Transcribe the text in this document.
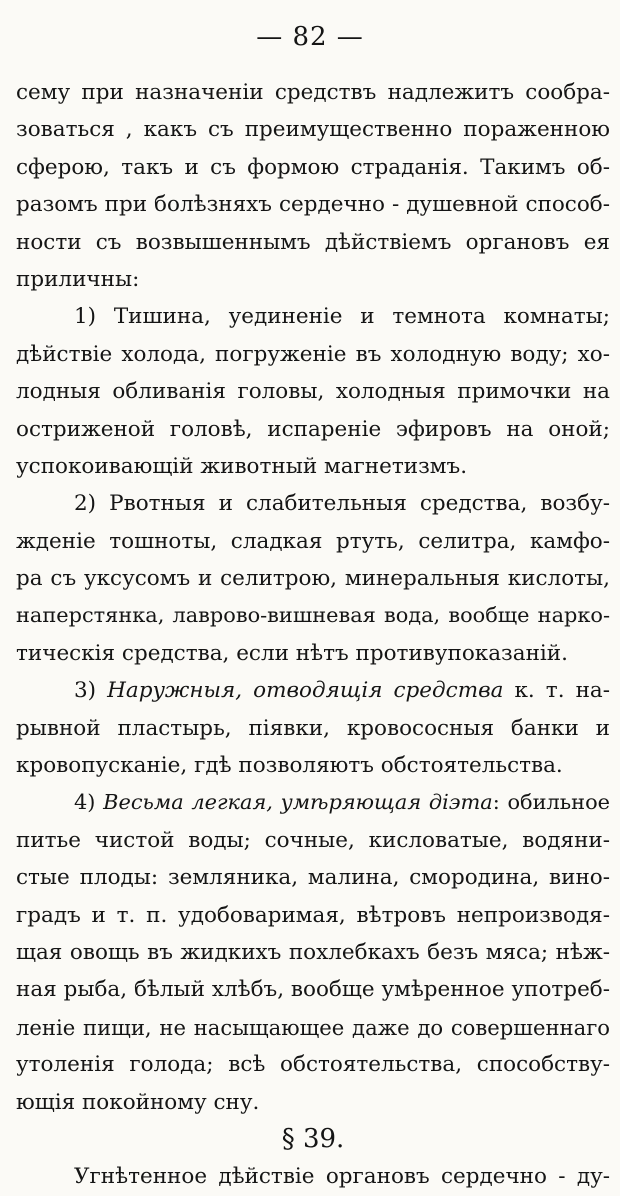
— 82 —
сему при назначеніи средствъ надлежитъ сообра-
зоваться , какъ съ преимущественно пораженною
сферою, такъ и съ формою страданія. Такимъ об-
разомъ при болѣзняхъ сердечно - душевной способ-
ности съ возвышеннымъ дѣйствіемъ органовъ ея
приличны:
1) Тишина, уединеніе и темнота комнаты;
дѣйствіе холода, погруженіе въ холодную воду; хо-
лодныя обливанія головы, холодныя примочки на
остриженой головѣ, испареніе эфировъ на оной;
успокоивающій животный магнетизмъ.
2) Рвотныя и слабительныя средства, возбу-
жденіе тошноты, сладкая ртуть, селитра, камфо-
ра съ уксусомъ и селитрою, минеральныя кислоты,
наперстянка, лаврово-вишневая вода, вообще нарко-
тическія средства, если нѣтъ противупоказаній.
3) Наружныя, отводящія средства к. т. на-
рывной пластырь, піявки, кровососныя банки и
кровопусканіе, гдѣ позволяютъ обстоятельства.
4) Весьма легкая, умѣряющая діэта: обильное
питье чистой воды; сочные, кисловатые, водяни-
стые плоды: земляника, малина, смородина, вино-
градъ и т. п. удобоваримая, вѣтровъ непроизводя-
щая овощь въ жидкихъ похлебкахъ безъ мяса; нѣж-
ная рыба, бѣлый хлѣбъ, вообще умѣренное употреб-
леніе пищи, не насыщающее даже до совершеннаго
утоленія голода; всѣ обстоятельства, способству-
ющія покойному сну.
§ 39.
Угнѣтенное дѣйствіе органовъ сердечно - ду-
